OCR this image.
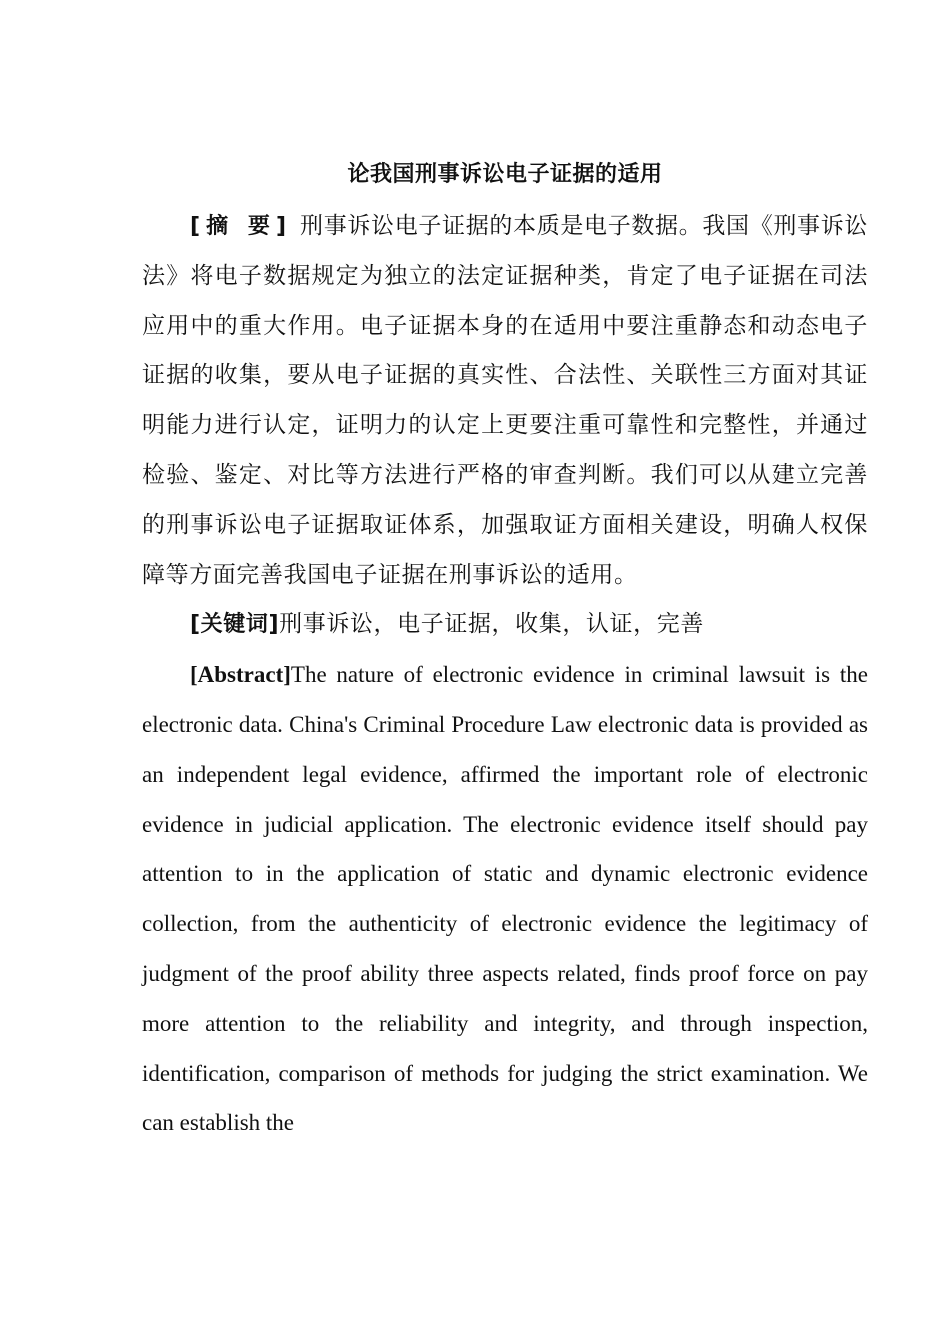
论我国刑事诉讼电子证据的适用

[摘 要] 刑事诉讼电子证据的本质是电子数据。我国《刑事诉讼法》将电子数据规定为独立的法定证据种类，肯定了电子证据在司法应用中的重大作用。电子证据本身的在适用中要注重静态和动态电子证据的收集，要从电子证据的真实性、合法性、关联性三方面对其证明能力进行认定，证明力的认定上更要注重可靠性和完整性，并通过检验、鉴定、对比等方法进行严格的审查判断。我们可以从建立完善的刑事诉讼电子证据取证体系，加强取证方面相关建设，明确人权保障等方面完善我国电子证据在刑事诉讼的适用。

[关键词]刑事诉讼，电子证据，收集，认证，完善

[Abstract]The nature of electronic evidence in criminal lawsuit is the electronic data. China's Criminal Procedure Law electronic data is provided as an independent legal evidence, affirmed the important role of electronic evidence in judicial application. The electronic evidence itself should pay attention to in the application of static and dynamic electronic evidence collection, from the authenticity of electronic evidence the legitimacy of judgment of the proof ability three aspects related, finds proof force on pay more attention to the reliability and integrity, and through inspection, identification, comparison of methods for judging the strict examination. We can establish the
